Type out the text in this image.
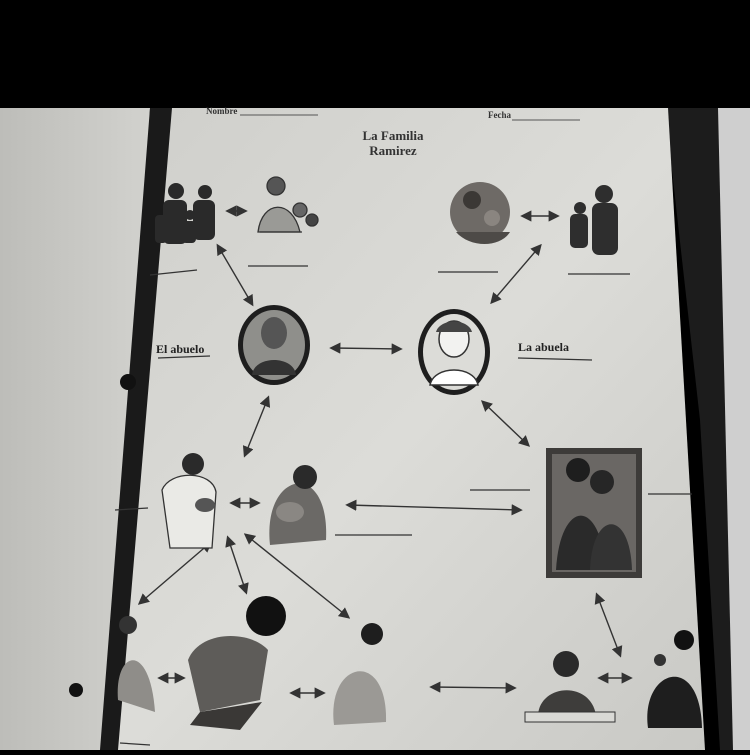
Nombre	Fecha
La Familia
Ramirez
El abuelo	La abuela
